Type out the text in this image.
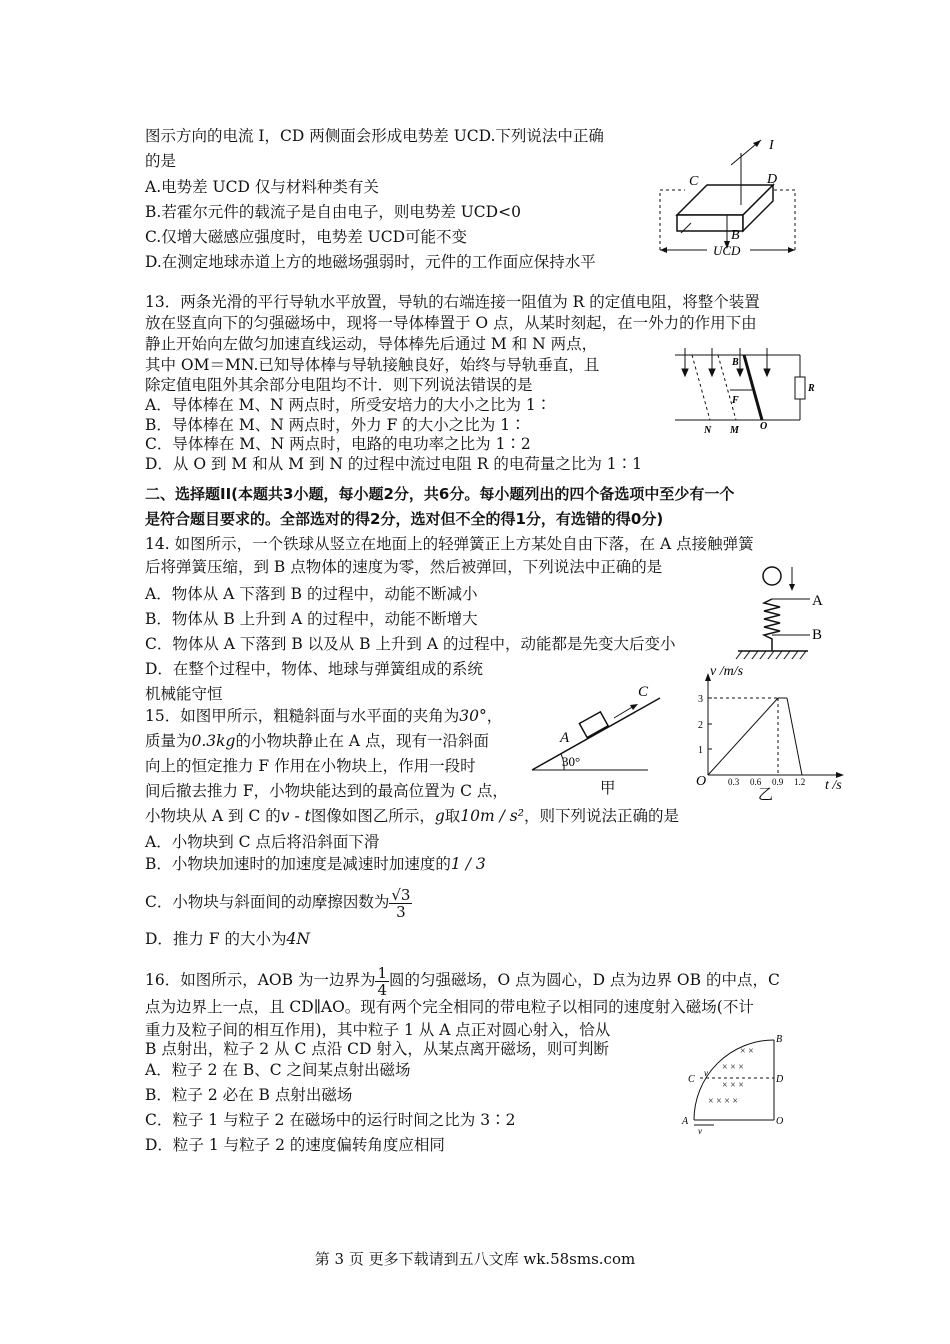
图示方向的电流 I，CD 两侧面会形成电势差 UCD.下列说法中正确
的是
A.电势差 UCD 仅与材料种类有关
B.若霍尔元件的载流子是自由电子，则电势差 UCD<0
C.仅增大磁感应强度时，电势差 UCD可能不变
D.在测定地球赤道上方的地磁场强弱时，元件的工作面应保持水平
C	D
I
B
UCD
13．两条光滑的平行导轨水平放置，导轨的右端连接一阻值为 R 的定值电阻，将整个装置
放在竖直向下的匀强磁场中，现将一导体棒置于 O 点，从某时刻起，在一外力的作用下由
静止开始向左做匀加速直线运动，导体棒先后通过 M 和 N 两点，
其中 OM＝MN.已知导体棒与导轨接触良好，始终与导轨垂直，且
除定值电阻外其余部分电阻均不计．则下列说法错误的是
A．导体棒在 M、N 两点时，所受安培力的大小之比为 1∶
B．导体棒在 M、N 两点时，外力 F 的大小之比为 1∶
C．导体棒在 M、N 两点时，电路的电功率之比为 1∶2
D．从 O 到 M 和从 M 到 N 的过程中流过电阻 R 的电荷量之比为 1∶1
B
F
R
N M O
二、选择题II(本题共3小题，每小题2分，共6分。每小题列出的四个备选项中至少有一个
是符合题目要求的。全部选对的得2分，选对但不全的得1分，有选错的得0分)
14. 如图所示，一个铁球从竖立在地面上的轻弹簧正上方某处自由下落，在 A 点接触弹簧
后将弹簧压缩，到 B 点物体的速度为零，然后被弹回，下列说法中正确的是
A．物体从 A 下落到 B 的过程中，动能不断减小
B．物体从 B 上升到 A 的过程中，动能不断增大
C．物体从 A 下落到 B 以及从 B 上升到 A 的过程中，动能都是先变大后变小
D．在整个过程中，物体、地球与弹簧组成的系统
机械能守恒
A
B
15．如图甲所示，粗糙斜面与水平面的夹角为30°，
质量为0.3kg的小物块静止在 A 点，现有一沿斜面
向上的恒定推力 F 作用在小物块上，作用一段时
间后撤去推力 F，小物块能达到的最高位置为 C 点，
小物块从 A 到 C 的v - t图像如图乙所示，g取10m / s²，则下列说法正确的是
A．小物块到 C 点后将沿斜面下滑
B．小物块加速时的加速度是减速时加速度的1 / 3
C．小物块与斜面间的动摩擦因数为 $\frac{√3}{3}$
D．推力 F 的大小为4N
C
A
30°
甲
v /m/s
t /s
O
3
2
1
0.3 0.6 0.9 1.2
乙
16．如图所示，AOB 为一边界为 $\frac{1}{4}$ 圆的匀强磁场，O 点为圆心，D 点为边界 OB 的中点，C
点为边界上一点，且 CD∥AO。现有两个完全相同的带电粒子以相同的速度射入磁场(不计
重力及粒子间的相互作用)，其中粒子 1 从 A 点正对圆心射入，恰从
B 点射出，粒子 2 从 C 点沿 CD 射入，从某点离开磁场，则可判断
A．粒子 2 在 B、C 之间某点射出磁场
B．粒子 2 必在 B 点射出磁场
C．粒子 1 与粒子 2 在磁场中的运行时间之比为 3∶2
D．粒子 1 与粒子 2 的速度偏转角度应相同
× ×
× × ×
× × ×
× × × ×
B
C	D
A	O
v
v
第 3 页 更多下载请到五八文库 wk.58sms.com
